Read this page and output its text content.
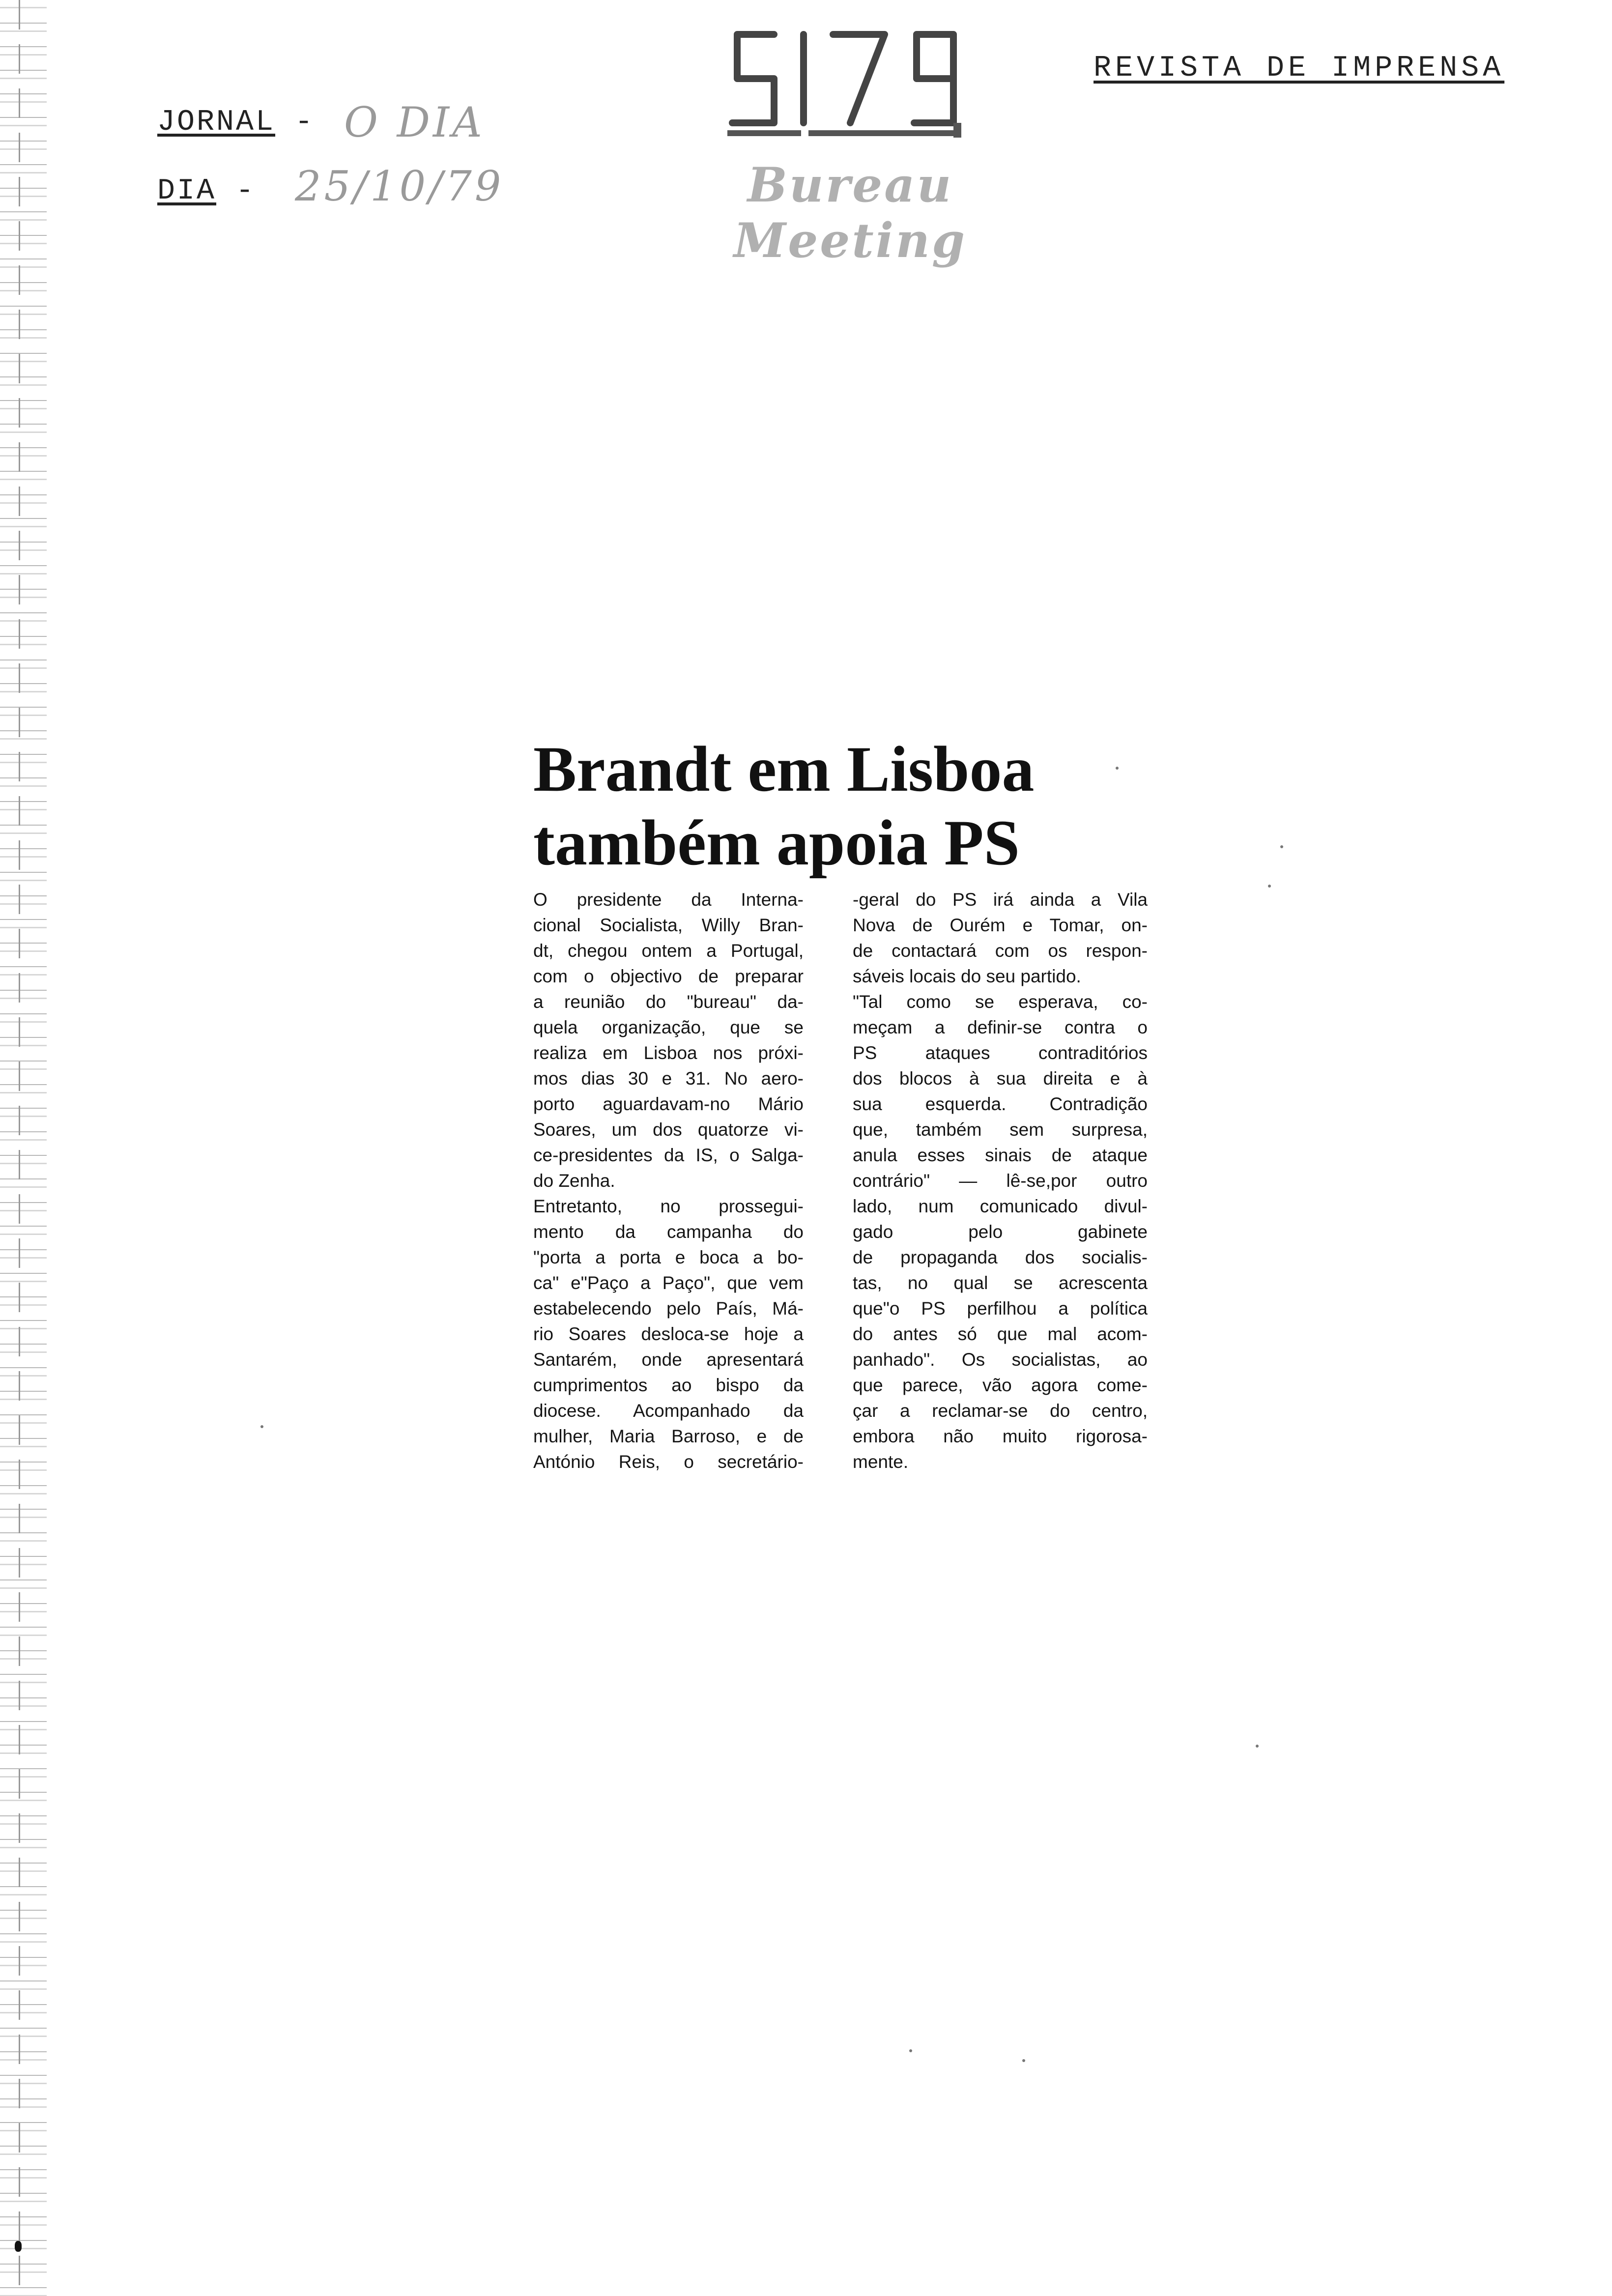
JORNAL - O DIA
DIA - 25/10/79
REVISTA DE IMPRENSA
Bureau Meeting
Brandt em Lisboa
também apoia PS
O presidente da Interna-
cional Socialista, Willy Bran-
dt, chegou ontem a Portugal,
com o objectivo de preparar
a reunião do "bureau" da-
quela organização, que se
realiza em Lisboa nos próxi-
mos dias 30 e 31. No aero-
porto aguardavam-no Mário
Soares, um dos quatorze vi-
ce-presidentes da IS, o Salga-
do Zenha.
Entretanto, no prossegui-
mento da campanha do
"porta a porta e boca a bo-
ca" e"Paço a Paço", que vem
estabelecendo pelo País, Má-
rio Soares desloca-se hoje a
Santarém, onde apresentará
cumprimentos ao bispo da
diocese. Acompanhado da
mulher, Maria Barroso, e de
António Reis, o secretário-
-geral do PS irá ainda a Vila
Nova de Ourém e Tomar, on-
de contactará com os respon-
sáveis locais do seu partido.
"Tal como se esperava, co-
meçam a definir-se contra o
PS ataques contraditórios
dos blocos à sua direita e à
sua esquerda. Contradição
que, também sem surpresa,
anula esses sinais de ataque
contrário" — lê-se,por outro
lado, num comunicado divul-
gado pelo gabinete
de propaganda dos socialis-
tas, no qual se acrescenta
que"o PS perfilhou a política
do antes só que mal acom-
panhado". Os socialistas, ao
que parece, vão agora come-
çar a reclamar-se do centro,
embora não muito rigorosa-
mente.
